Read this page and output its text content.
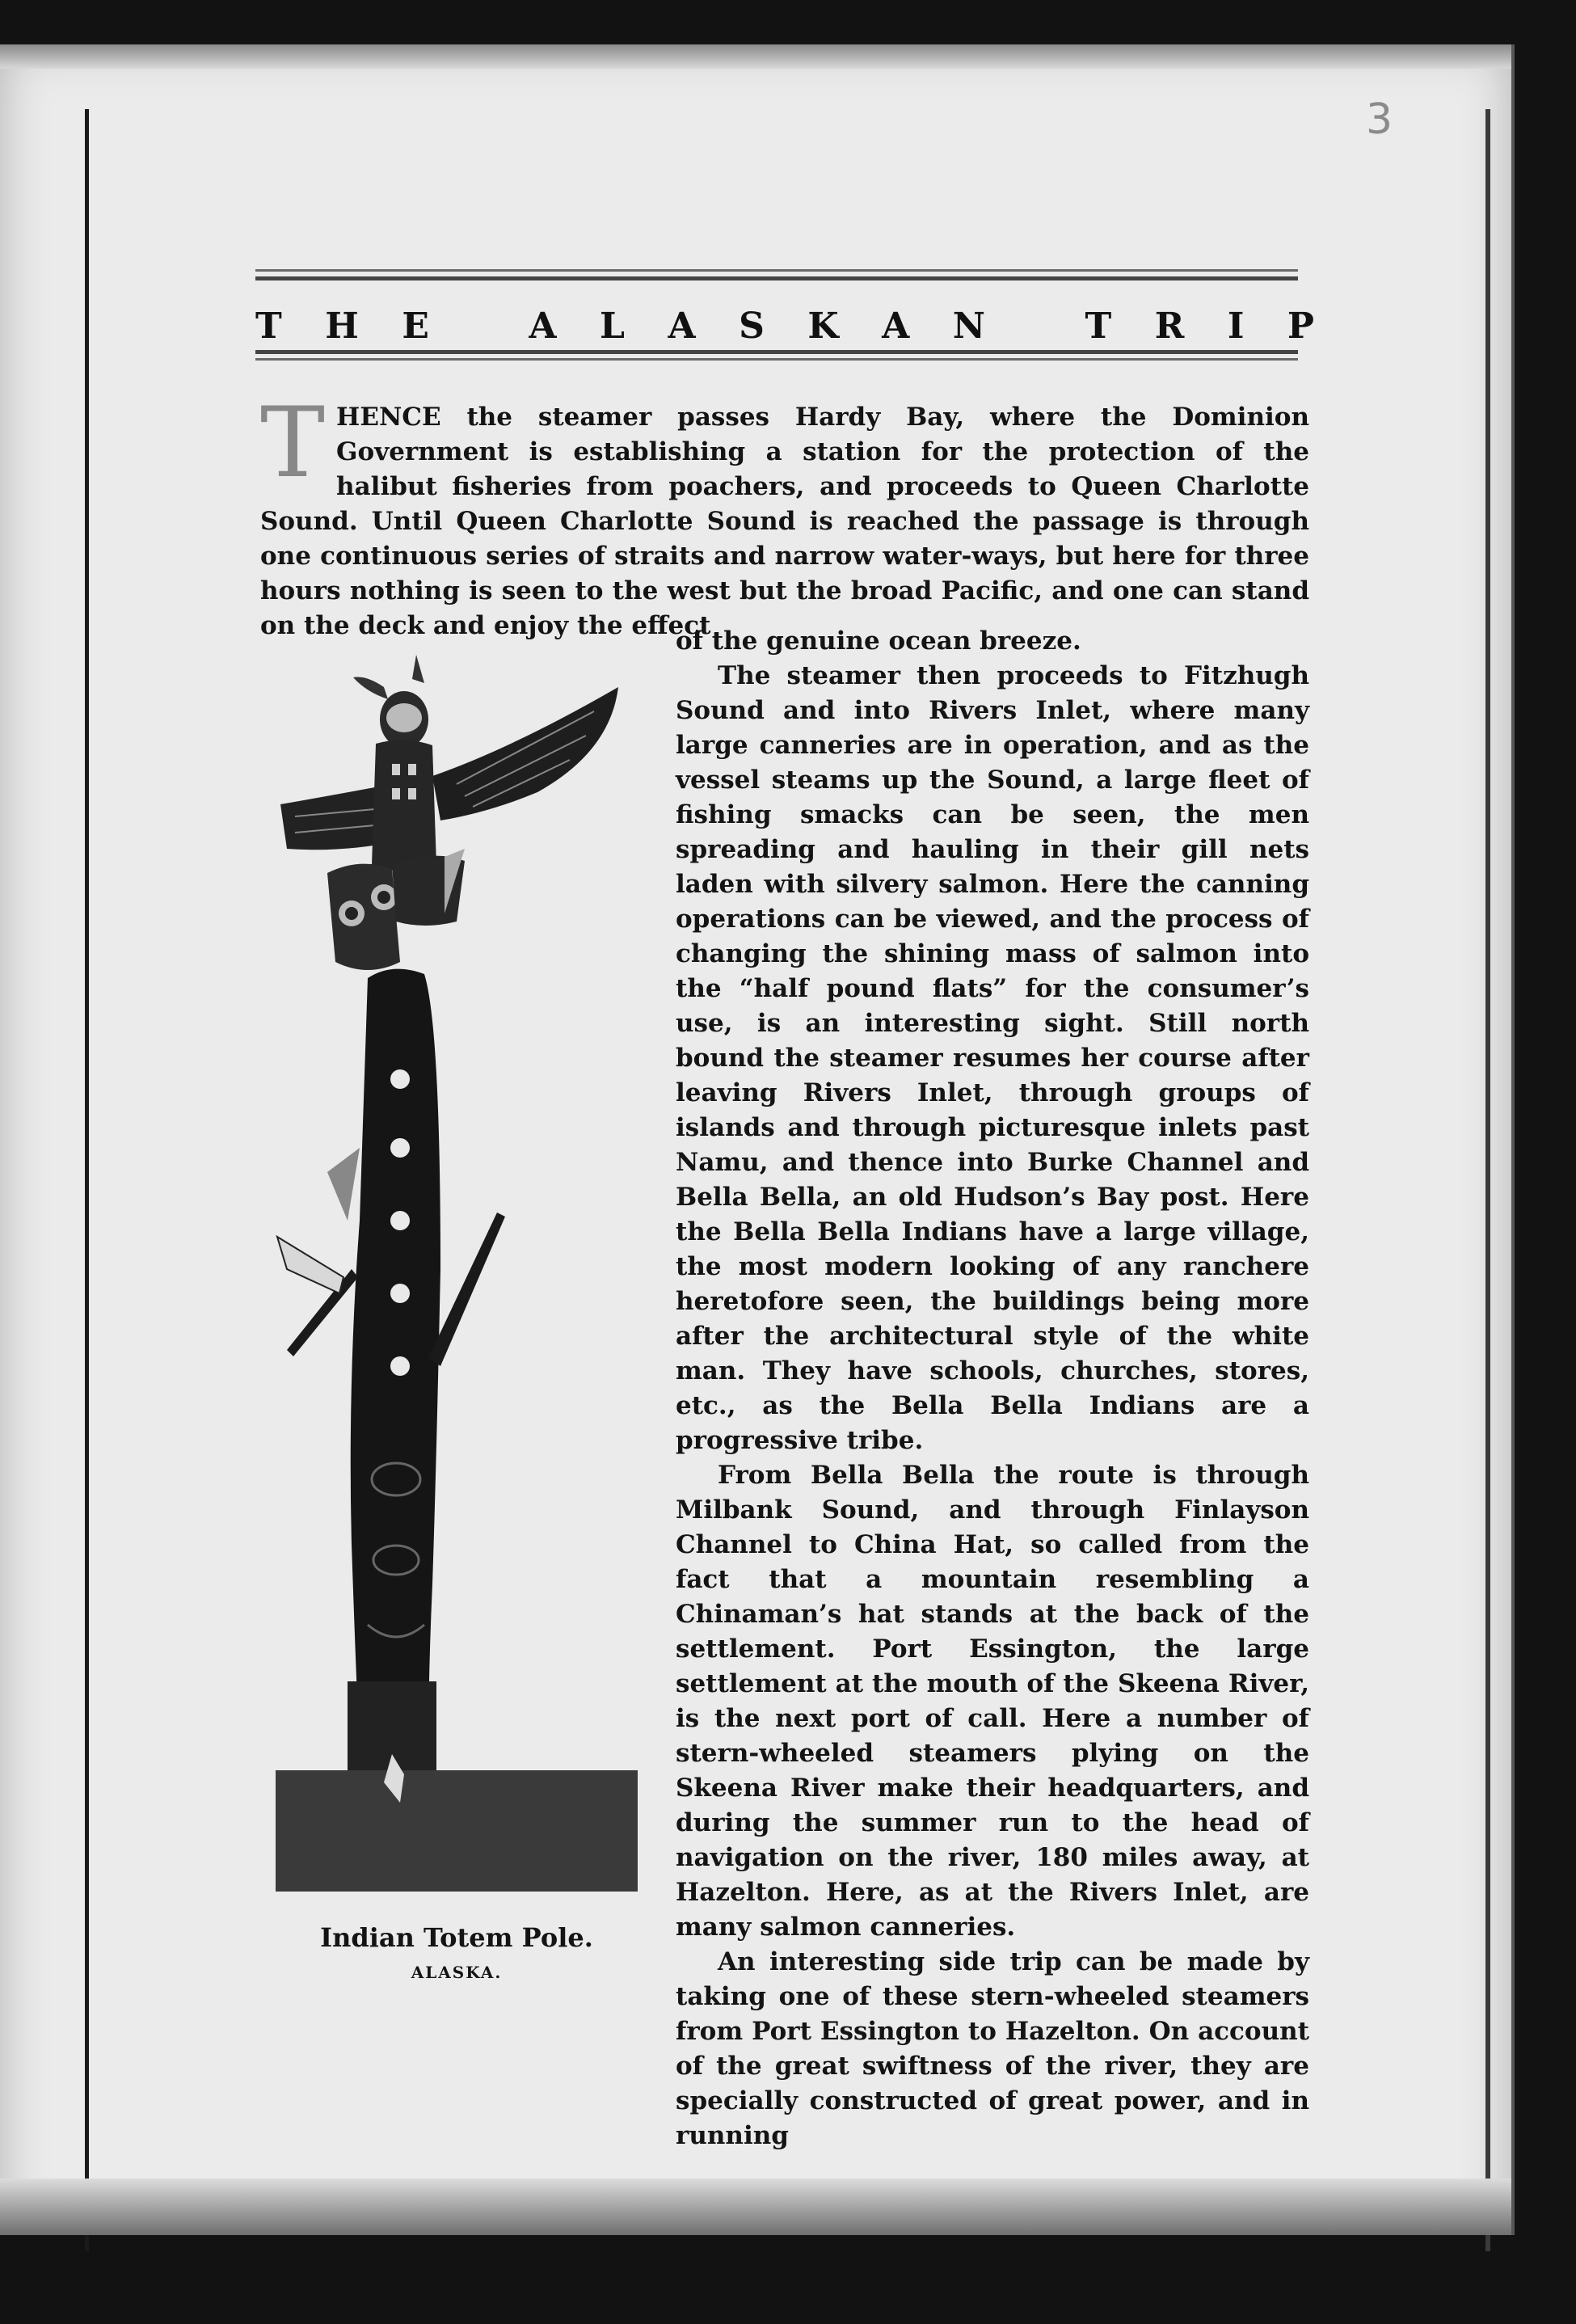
3
T H E	A L A S K A N	T R I P

THENCE the steamer passes Hardy Bay, where the Dominion Government is establishing a station for the protection of the halibut fisheries from poachers, and proceeds to Queen Charlotte Sound. Until Queen Charlotte Sound is reached the passage is through one continuous series of straits and narrow water-ways, but here for three hours nothing is seen to the west but the broad Pacific, and one can stand on the deck and enjoy the effect

of the genuine ocean breeze.

The steamer then proceeds to Fitzhugh Sound and into Rivers Inlet, where many large canneries are in operation, and as the vessel steams up the Sound, a large fleet of fishing smacks can be seen, the men spreading and hauling in their gill nets laden with silvery salmon. Here the canning operations can be viewed, and the process of changing the shining mass of salmon into the “half pound flats” for the consumer’s use, is an interesting sight. Still north bound the steamer resumes her course after leaving Rivers Inlet, through groups of islands and through picturesque inlets past Namu, and thence into Burke Channel and Bella Bella, an old Hudson’s Bay post. Here the Bella Bella Indians have a large village, the most modern looking of any ranchere heretofore seen, the buildings being more after the architectural style of the white man. They have schools, churches, stores, etc., as the Bella Bella Indians are a progressive tribe.

From Bella Bella the route is through Milbank Sound, and through Finlayson Channel to China Hat, so called from the fact that a mountain resembling a Chinaman’s hat stands at the back of the settlement. Port Essington, the large settlement at the mouth of the Skeena River, is the next port of call. Here a number of stern-wheeled steamers plying on the Skeena River make their headquarters, and during the summer run to the head of navigation on the river, 180 miles away, at Hazelton. Here, as at the Rivers Inlet, are many salmon canneries.

An interesting side trip can be made by taking one of these stern-wheeled steamers from Port Essington to Hazelton. On account of the great swiftness of the river, they are specially constructed of great power, and in running

Indian Totem Pole.
ALASKA.
